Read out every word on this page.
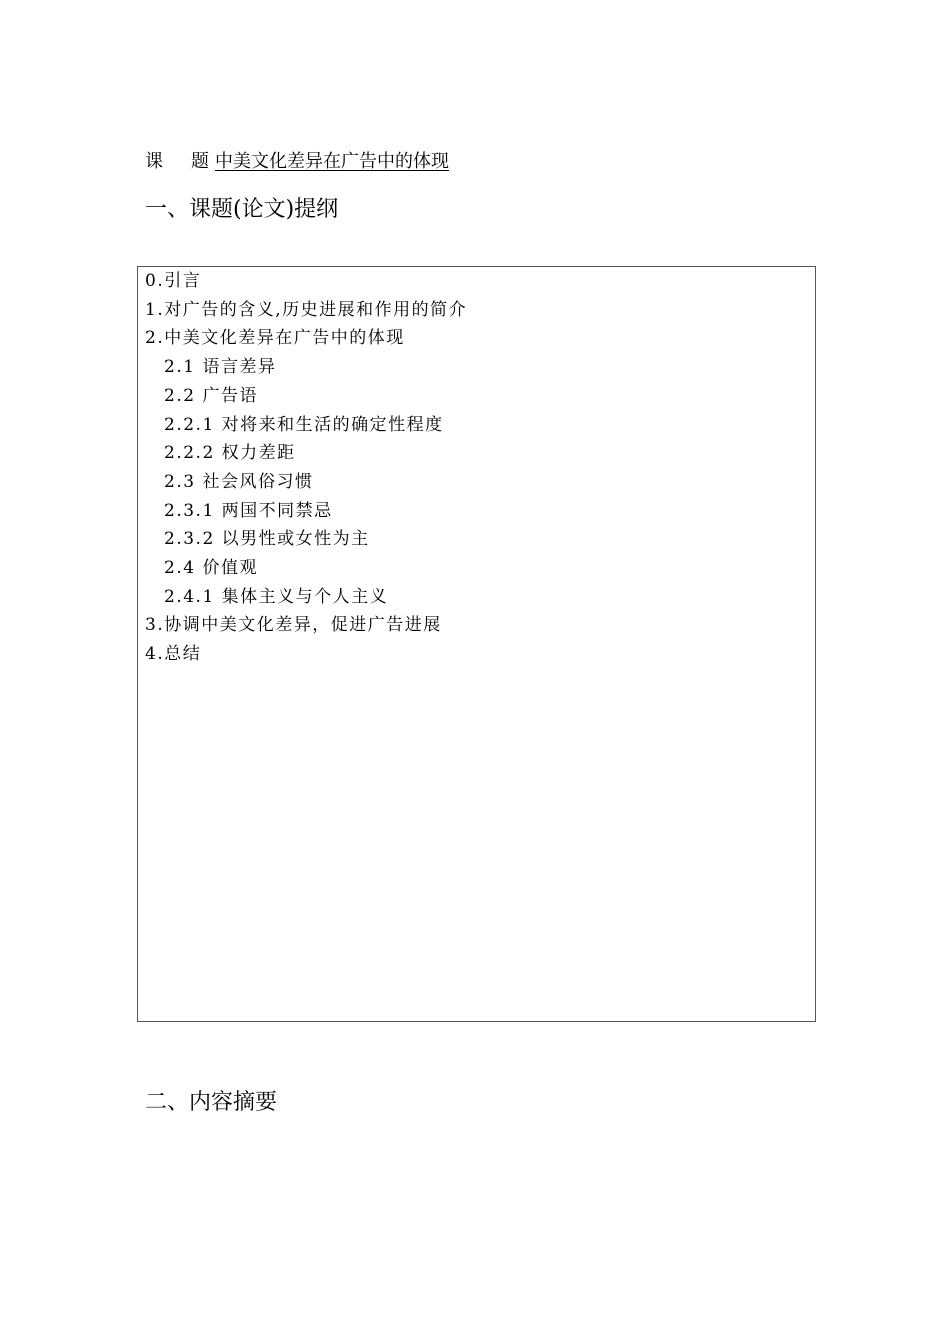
课 题 中美文化差异在广告中的体现
一、课题(论文)提纲
0.引言
1.对广告的含义,历史进展和作用的简介
2.中美文化差异在广告中的体现
2.1 语言差异
2.2 广告语
2.2.1 对将来和生活的确定性程度
2.2.2 权力差距
2.3 社会风俗习惯
2.3.1 两国不同禁忌
2.3.2 以男性或女性为主
2.4 价值观
2.4.1 集体主义与个人主义
3.协调中美文化差异，促进广告进展
4.总结
二、内容摘要
